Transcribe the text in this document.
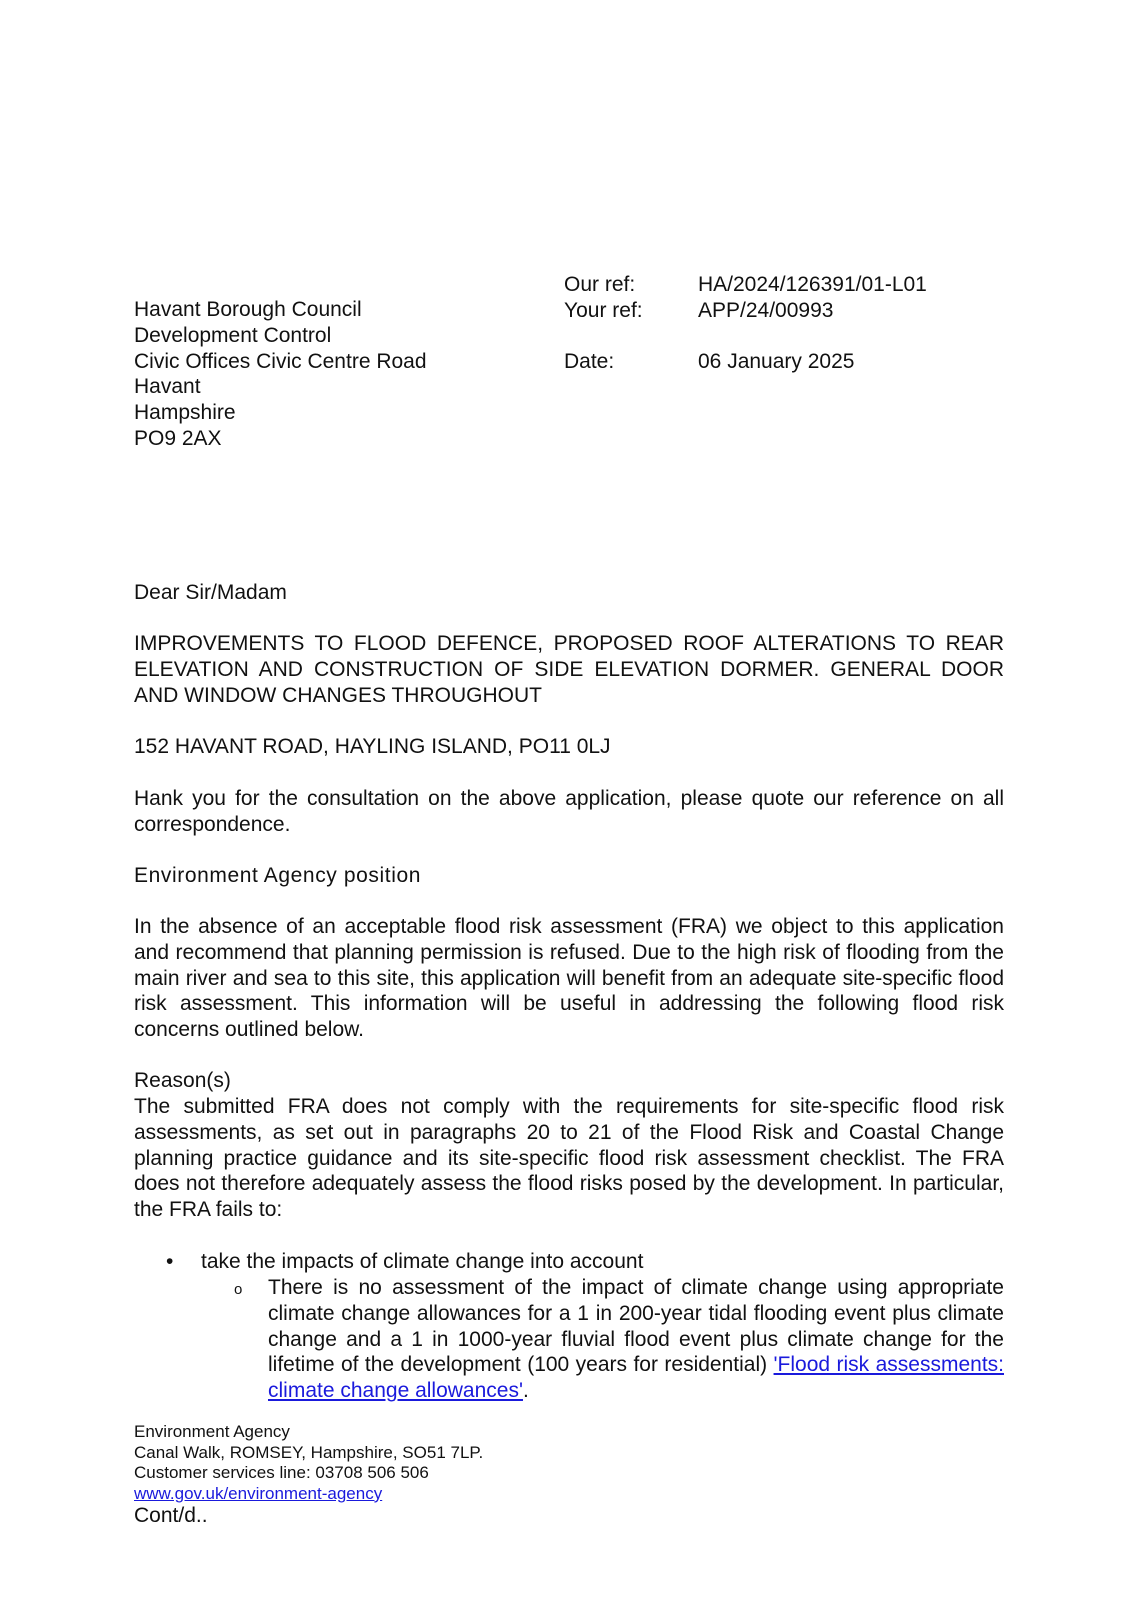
Our ref:	HA/2024/126391/01-L01
Your ref:	APP/24/00993
Date:	06 January 2025
Havant Borough Council
Development Control
Civic Offices Civic Centre Road
Havant
Hampshire
PO9 2AX
Dear Sir/Madam
IMPROVEMENTS TO FLOOD DEFENCE, PROPOSED ROOF ALTERATIONS TO REAR ELEVATION AND CONSTRUCTION OF SIDE ELEVATION DORMER. GENERAL DOOR AND WINDOW CHANGES THROUGHOUT
152 HAVANT ROAD, HAYLING ISLAND, PO11 0LJ
Hank you for the consultation on the above application, please quote our reference on all correspondence.
Environment Agency position
In the absence of an acceptable flood risk assessment (FRA) we object to this application and recommend that planning permission is refused. Due to the high risk of flooding from the main river and sea to this site, this application will benefit from an adequate site-specific flood risk assessment. This information will be useful in addressing the following flood risk concerns outlined below.
Reason(s)
The submitted FRA does not comply with the requirements for site-specific flood risk assessments, as set out in paragraphs 20 to 21 of the Flood Risk and Coastal Change planning practice guidance and its site-specific flood risk assessment checklist. The FRA does not therefore adequately assess the flood risks posed by the development. In particular, the FRA fails to:
• take the impacts of climate change into account
o There is no assessment of the impact of climate change using appropriate climate change allowances for a 1 in 200-year tidal flooding event plus climate change and a 1 in 1000-year fluvial flood event plus climate change for the lifetime of the development (100 years for residential) 'Flood risk assessments: climate change allowances'.
Environment Agency
Canal Walk, ROMSEY, Hampshire, SO51 7LP.
Customer services line: 03708 506 506
www.gov.uk/environment-agency
Cont/d..
